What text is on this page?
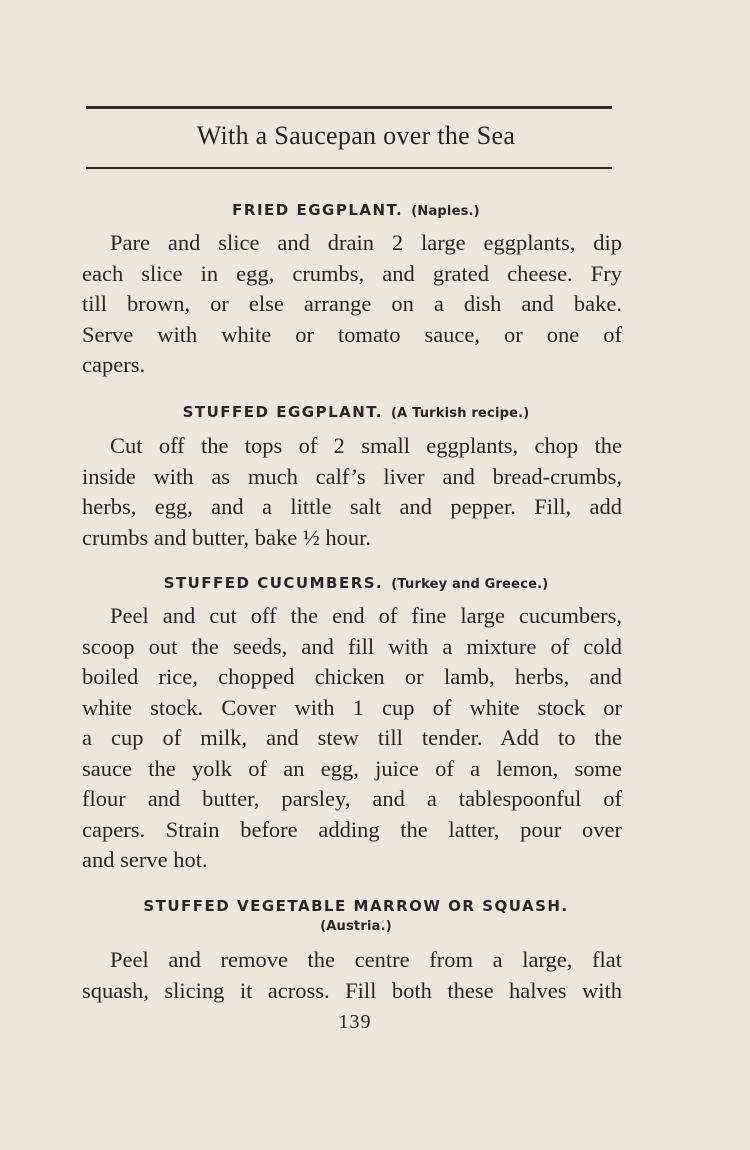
With a Saucepan over the Sea
FRIED EGGPLANT. (Naples.)
Pare and slice and drain 2 large eggplants, dip
each slice in egg, crumbs, and grated cheese. Fry
till brown, or else arrange on a dish and bake.
Serve with white or tomato sauce, or one of
capers.
STUFFED EGGPLANT. (A Turkish recipe.)
Cut off the tops of 2 small eggplants, chop the
inside with as much calf’s liver and bread-crumbs,
herbs, egg, and a little salt and pepper. Fill, add
crumbs and butter, bake ½ hour.
STUFFED CUCUMBERS. (Turkey and Greece.)
Peel and cut off the end of fine large cucumbers,
scoop out the seeds, and fill with a mixture of cold
boiled rice, chopped chicken or lamb, herbs, and
white stock. Cover with 1 cup of white stock or
a cup of milk, and stew till tender. Add to the
sauce the yolk of an egg, juice of a lemon, some
flour and butter, parsley, and a tablespoonful of
capers. Strain before adding the latter, pour over
and serve hot.
STUFFED VEGETABLE MARROW OR SQUASH.
(Austria.)
Peel and remove the centre from a large, flat
squash, slicing it across. Fill both these halves with
139
